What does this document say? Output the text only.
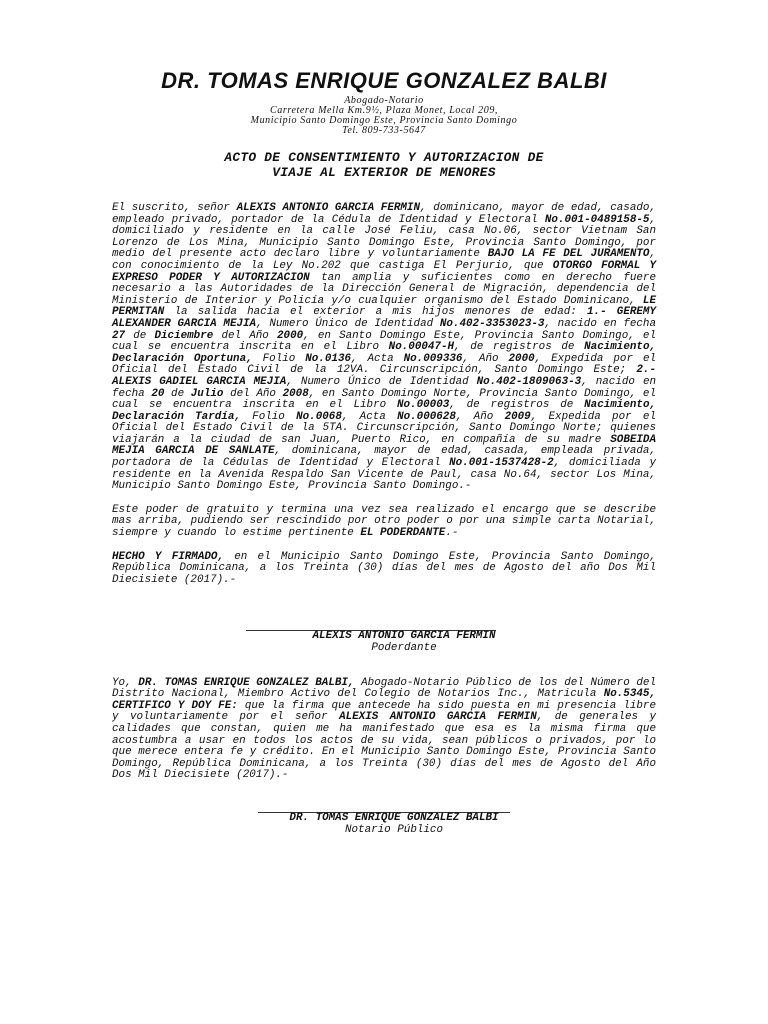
DR. TOMAS ENRIQUE GONZALEZ BALBI
Abogado-Notario
Carretera Mella Km.9½, Plaza Monet, Local 209,
Municipio Santo Domingo Este, Provincia Santo Domingo
Tel. 809-733-5647
ACTO DE CONSENTIMIENTO Y AUTORIZACION DE
VIAJE AL EXTERIOR DE MENORES

El suscrito, señor ALEXIS ANTONIO GARCIA FERMIN, dominicano, mayor de edad, casado, empleado privado, portador de la Cédula de Identidad y Electoral No.001-0489158-5, domiciliado y residente en la calle José Feliu, casa No.06, sector Vietnam San Lorenzo de Los Mina, Municipio Santo Domingo Este, Provincia Santo Domingo, por medio del presente acto declaro libre y voluntariamente BAJO LA FE DEL JURAMENTO, con conocimiento de la Ley No.202 que castiga El Perjurio, que OTORGO FORMAL Y EXPRESO PODER Y AUTORIZACION tan amplia y suficientes como en derecho fuere necesario a las Autoridades de la Dirección General de Migración, dependencia del Ministerio de Interior y Policía y/o cualquier organismo del Estado Dominicano, LE PERMITAN la salida hacia el exterior a mis hijos menores de edad: 1.- GEREMY ALEXANDER GARCIA MEJIA, Numero Único de Identidad No.402-3353023-3, nacido en fecha 27 de Diciembre del Año 2000, en Santo Domingo Este, Provincia Santo Domingo, el cual se encuentra inscrita en el Libro No.00047-H, de registros de Nacimiento, Declaración Oportuna, Folio No.0136, Acta No.009336, Año 2000, Expedida por el Oficial del Estado Civil de la 12VA. Circunscripción, Santo Domingo Este; 2.- ALEXIS GADIEL GARCIA MEJIA, Numero Único de Identidad No.402-1809063-3, nacido en fecha 20 de Julio del Año 2008, en Santo Domingo Norte, Provincia Santo Domingo, el cual se encuentra inscrita en el Libro No.00003, de registros de Nacimiento, Declaración Tardía, Folio No.0068, Acta No.000628, Año 2009, Expedida por el Oficial del Estado Civil de la 5TA. Circunscripción, Santo Domingo Norte; quienes viajarán a la ciudad de san Juan, Puerto Rico, en compañía de su madre SOBEIDA MEJIA GARCIA DE SANLATE, dominicana, mayor de edad, casada, empleada privada, portadora de la Cédulas de Identidad y Electoral No.001-1537428-2, domiciliada y residente en la Avenida Respaldo San Vicente de Paul, casa No.64, sector Los Mina, Municipio Santo Domingo Este, Provincia Santo Domingo.-

Este poder de gratuito y termina una vez sea realizado el encargo que se describe mas arriba, pudiendo ser rescindido por otro poder o por una simple carta Notarial, siempre y cuando lo estime pertinente EL PODERDANTE.-

HECHO Y FIRMADO, en el Municipio Santo Domingo Este, Provincia Santo Domingo, República Dominicana, a los Treinta (30) días del mes de Agosto del año Dos Mil Diecisiete (2017).-

ALEXIS ANTONIO GARCIA FERMIN
Poderdante

Yo, DR. TOMAS ENRIQUE GONZALEZ BALBI, Abogado-Notario Público de los del Número del Distrito Nacional, Miembro Activo del Colegio de Notarios Inc., Matricula No.5345, CERTIFICO Y DOY FE: que la firma que antecede ha sido puesta en mi presencia libre y voluntariamente por el señor ALEXIS ANTONIO GARCIA FERMIN, de generales y calidades que constan, quien me ha manifestado que esa es la misma firma que acostumbra a usar en todos los actos de su vida, sean públicos o privados, por lo que merece entera fe y crédito. En el Municipio Santo Domingo Este, Provincia Santo Domingo, República Dominicana, a los Treinta (30) días del mes de Agosto del Año Dos Mil Diecisiete (2017).-

DR. TOMAS ENRIQUE GONZALEZ BALBI
Notario Público
